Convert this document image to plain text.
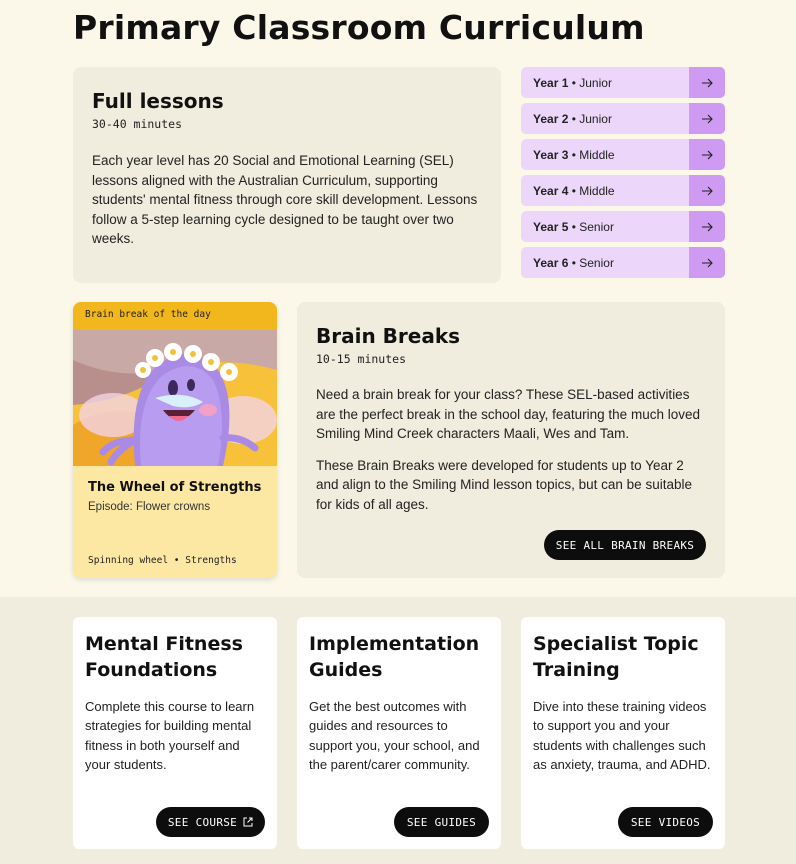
Primary Classroom Curriculum
Full lessons
30-40 minutes

Each year level has 20 Social and Emotional Learning (SEL) lessons aligned with the Australian Curriculum, supporting students' mental fitness through core skill development. Lessons follow a 5-step learning cycle designed to be taught over two weeks.

Year 1 • Junior
Year 2 • Junior
Year 3 • Middle
Year 4 • Middle
Year 5 • Senior
Year 6 • Senior
Brain break of the day
The Wheel of Strengths
Episode: Flower crowns
Spinning wheel • Strengths
Brain Breaks
10-15 minutes

Need a brain break for your class? These SEL-based activities are the perfect break in the school day, featuring the much loved Smiling Mind Creek characters Maali, Wes and Tam.

These Brain Breaks were developed for students up to Year 2 and align to the Smiling Mind lesson topics, but can be suitable for kids of all ages.

SEE ALL BRAIN BREAKS
Mental Fitness Foundations

Complete this course to learn strategies for building mental fitness in both yourself and your students.

SEE COURSE
Implementation Guides

Get the best outcomes with guides and resources to support you, your school, and the parent/carer community.

SEE GUIDES
Specialist Topic Training

Dive into these training videos to support you and your students with challenges such as anxiety, trauma, and ADHD.

SEE VIDEOS
